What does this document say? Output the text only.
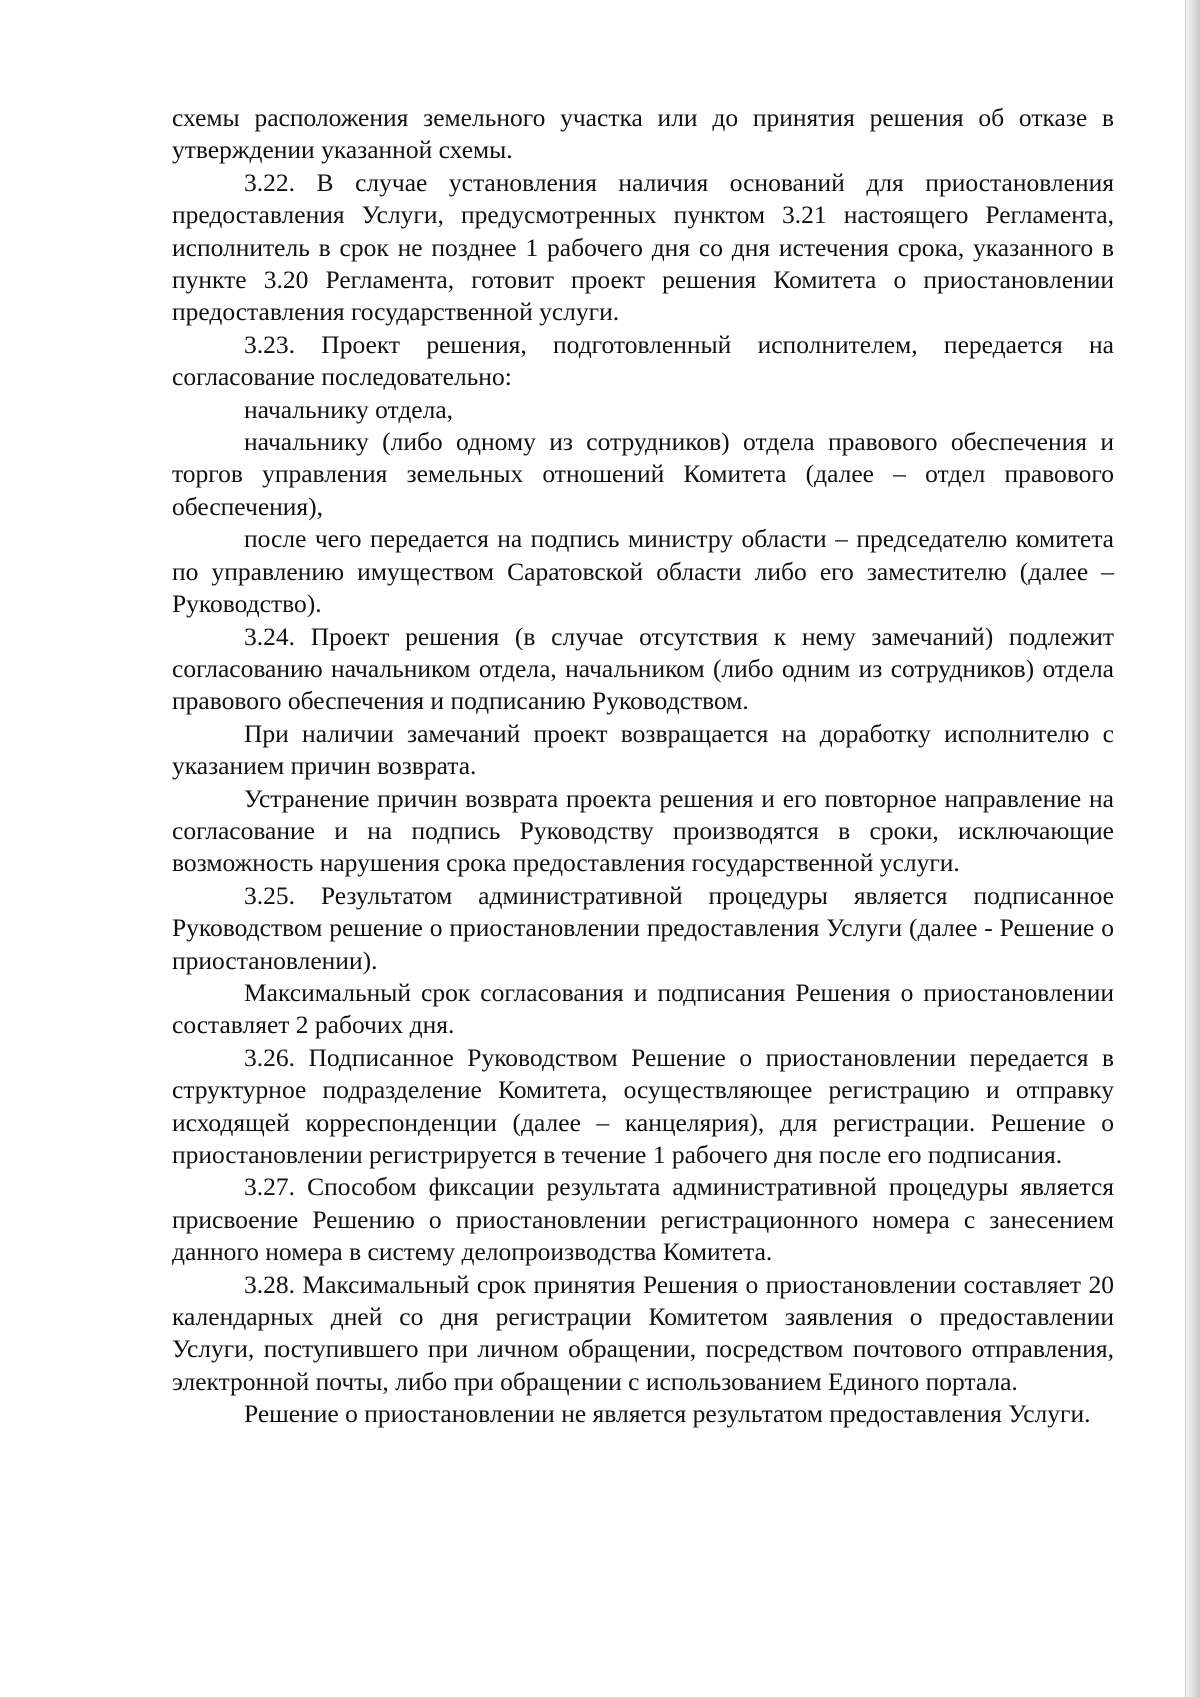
схемы расположения земельного участка или до принятия решения об отказе в утверждении указанной схемы.

3.22. В случае установления наличия оснований для приостановления предоставления Услуги, предусмотренных пунктом 3.21 настоящего Регламента, исполнитель в срок не позднее 1 рабочего дня со дня истечения срока, указанного в пункте 3.20 Регламента, готовит проект решения Комитета о приостановлении предоставления государственной услуги.

3.23. Проект решения, подготовленный исполнителем, передается на согласование последовательно:

начальнику отдела,

начальнику (либо одному из сотрудников) отдела правового обеспечения и торгов управления земельных отношений Комитета (далее – отдел правового обеспечения),

после чего передается на подпись министру области – председателю комитета по управлению имуществом Саратовской области либо его заместителю (далее – Руководство).

3.24. Проект решения (в случае отсутствия к нему замечаний) подлежит согласованию начальником отдела, начальником (либо одним из сотрудников) отдела правового обеспечения и подписанию Руководством.

При наличии замечаний проект возвращается на доработку исполнителю с указанием причин возврата.

Устранение причин возврата проекта решения и его повторное направление на согласование и на подпись Руководству производятся в сроки, исключающие возможность нарушения срока предоставления государственной услуги.

3.25. Результатом административной процедуры является подписанное Руководством решение о приостановлении предоставления Услуги (далее - Решение о приостановлении).

Максимальный срок согласования и подписания Решения о приостановлении составляет 2 рабочих дня.

3.26. Подписанное Руководством Решение о приостановлении передается в структурное подразделение Комитета, осуществляющее регистрацию и отправку исходящей корреспонденции (далее – канцелярия), для регистрации. Решение о приостановлении регистрируется в течение 1 рабочего дня после его подписания.

3.27. Способом фиксации результата административной процедуры является присвоение Решению о приостановлении регистрационного номера с занесением данного номера в систему делопроизводства Комитета.

3.28. Максимальный срок принятия Решения о приостановлении составляет 20 календарных дней со дня регистрации Комитетом заявления о предоставлении Услуги, поступившего при личном обращении, посредством почтового отправления, электронной почты, либо при обращении с использованием Единого портала.

Решение о приостановлении не является результатом предоставления Услуги.
